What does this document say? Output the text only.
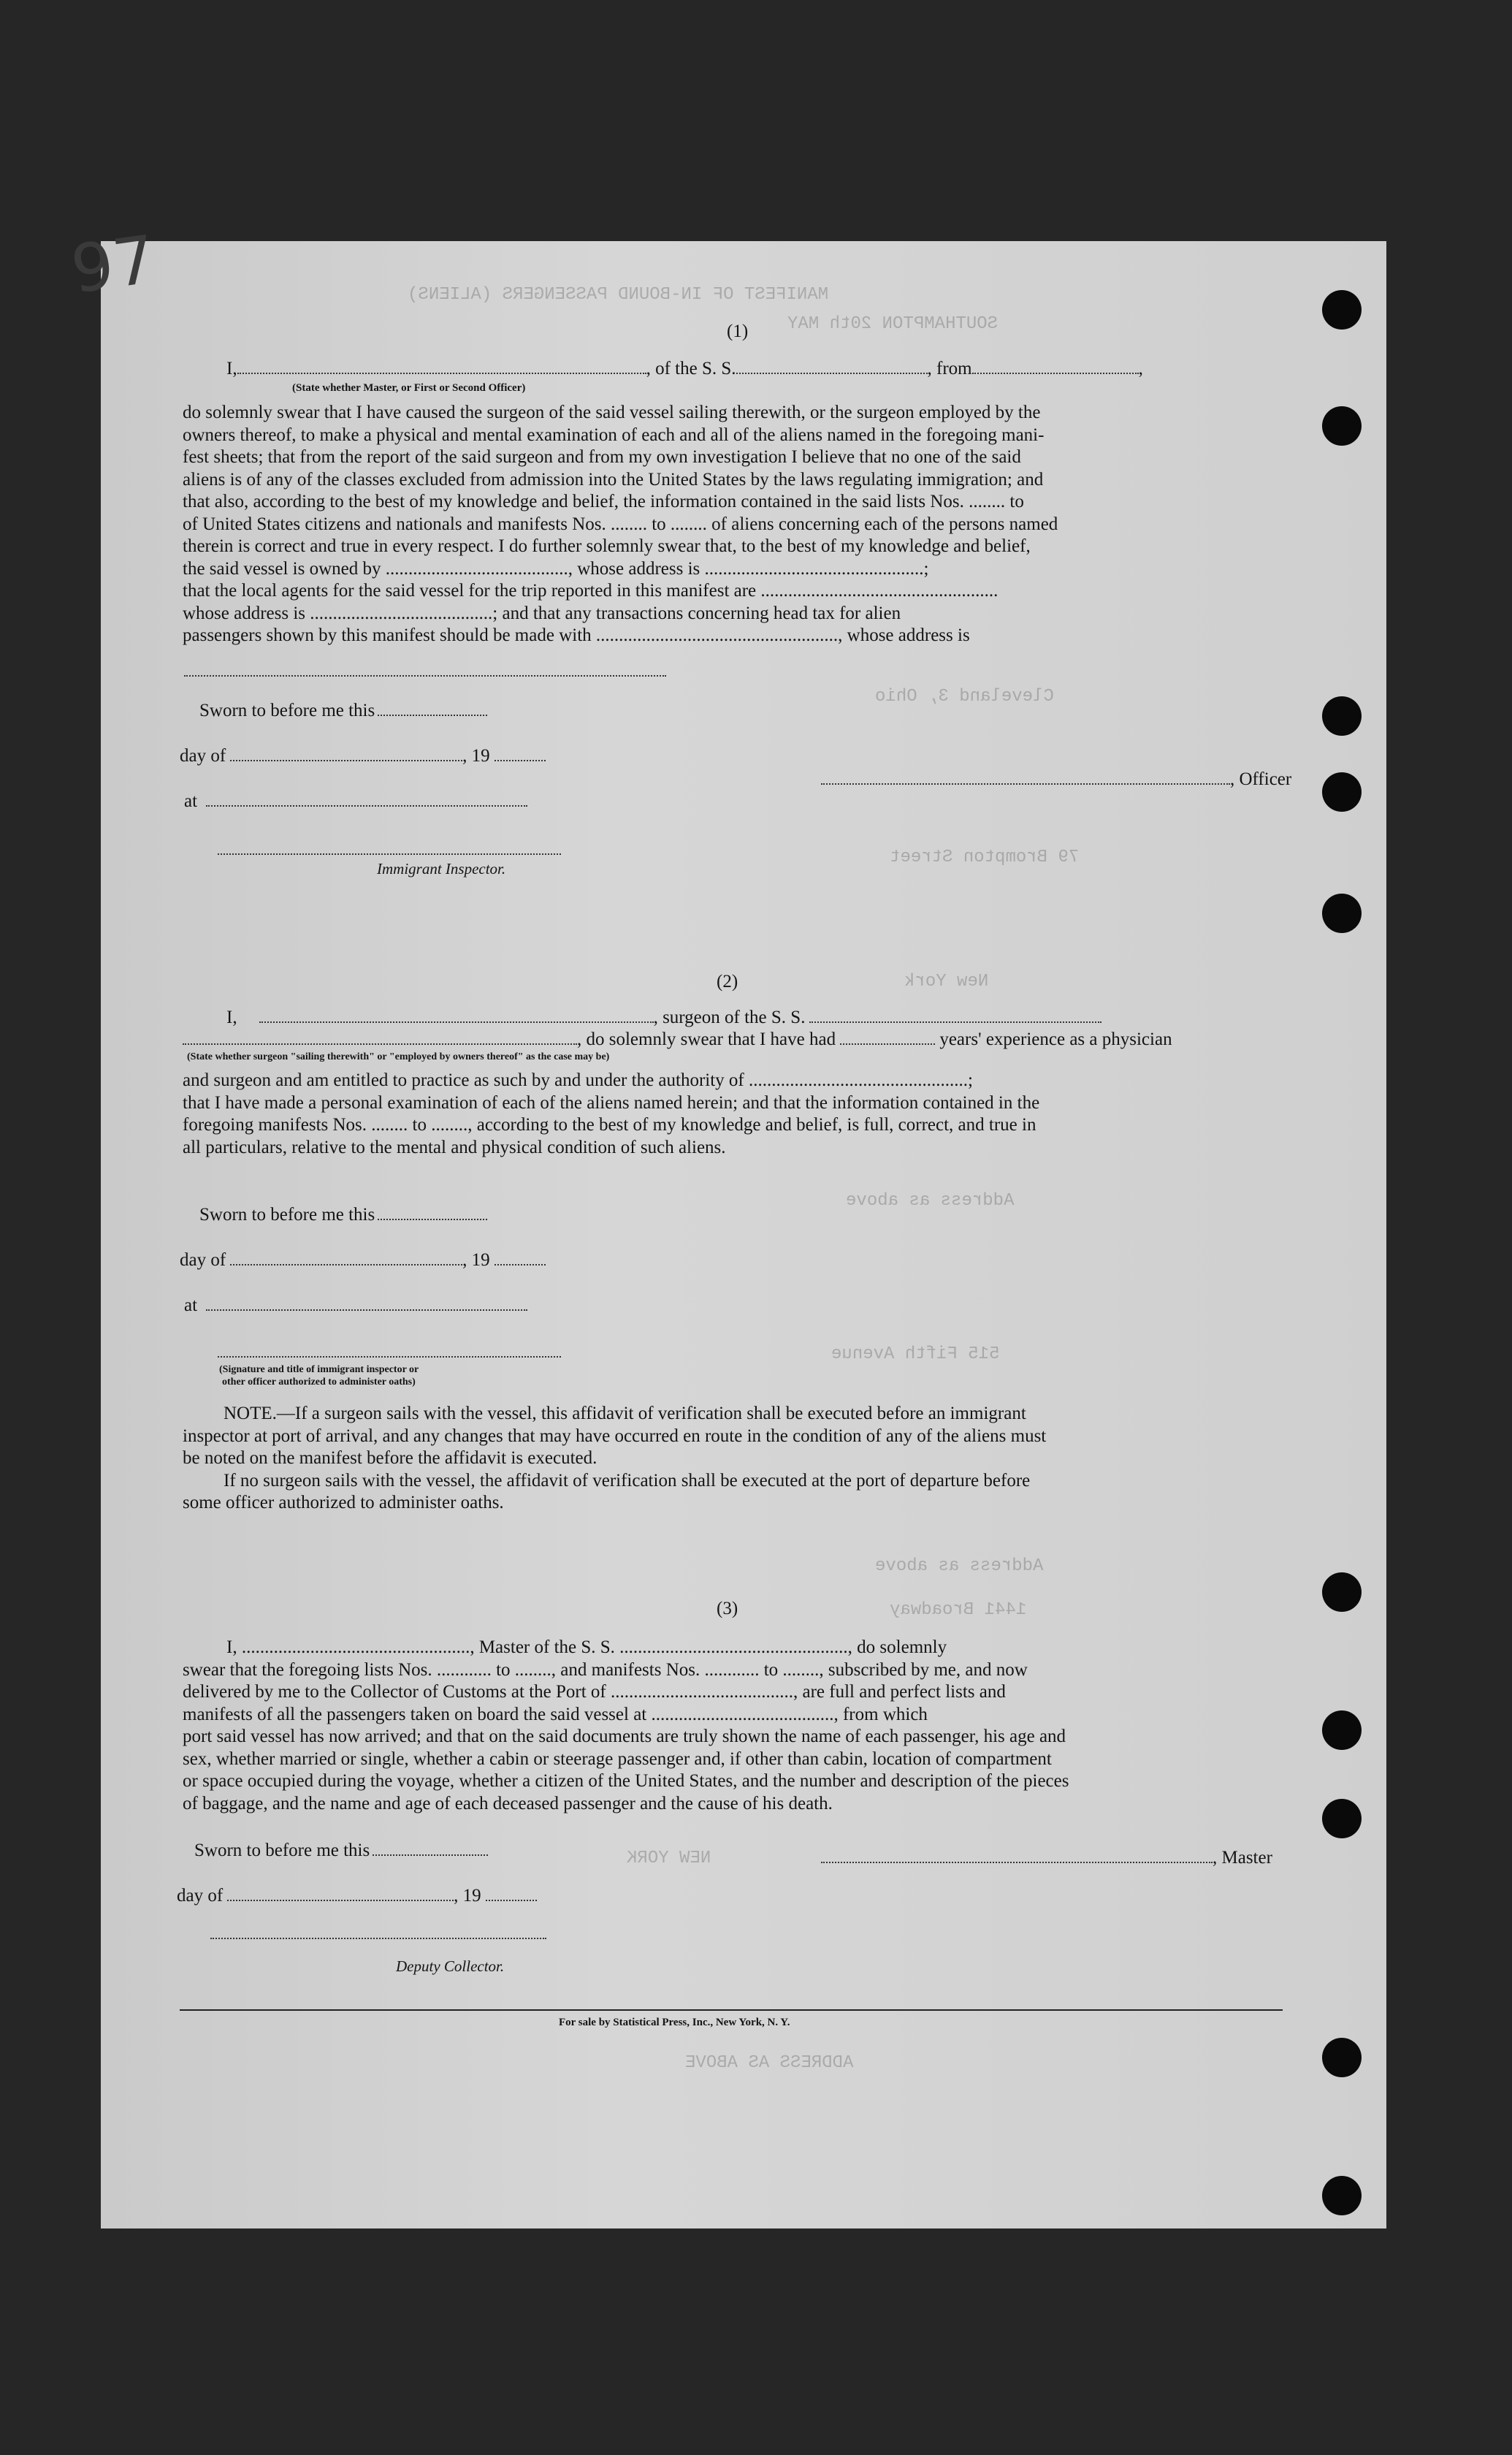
MANIFEST OF IN-BOUND PASSENGERS (ALIENS)
SOUTHAMPTON 20th MAY
Cleveland 3, Ohio
79 Brompton Street
New York
Address as above
515 Fifth Avenue
Address as above
1441 Broadway
NEW YORK
ADDRESS AS ABOVE
97
(1)
I,	, of the S. S.	, from	,
(State whether Master, or First or Second Officer)
do solemnly swear that I have caused the surgeon of the said vessel sailing therewith, or the surgeon employed by the
owners thereof, to make a physical and mental examination of each and all of the aliens named in the foregoing mani-
fest sheets; that from the report of the said surgeon and from my own investigation I believe that no one of the said
aliens is of any of the classes excluded from admission into the United States by the laws regulating immigration; and
that also, according to the best of my knowledge and belief, the information contained in the said lists Nos. ........ to
of United States citizens and nationals and manifests Nos. ........ to ........ of aliens concerning each of the persons named
therein is correct and true in every respect. I do further solemnly swear that, to the best of my knowledge and belief,
the said vessel is owned by ........................................, whose address is ................................................;
that the local agents for the said vessel for the trip reported in this manifest are ....................................................
whose address is ........................................; and that any transactions concerning head tax for alien
passengers shown by this manifest should be made with ....................................................., whose address is
Sworn to before me this
day of	, 19
at
Immigrant Inspector.
, Officer
(2)
I,	, surgeon of the S. S.
, do solemnly swear that I have had	years' experience as a physician
(State whether surgeon "sailing therewith" or "employed by owners thereof" as the case may be)
and surgeon and am entitled to practice as such by and under the authority of ................................................;
that I have made a personal examination of each of the aliens named herein; and that the information contained in the
foregoing manifests Nos. ........ to ........, according to the best of my knowledge and belief, is full, correct, and true in
all particulars, relative to the mental and physical condition of such aliens.
Sworn to before me this
day of	, 19
at
(Signature and title of immigrant inspector or
other officer authorized to administer oaths)
NOTE.—If a surgeon sails with the vessel, this affidavit of verification shall be executed before an immigrant
inspector at port of arrival, and any changes that may have occurred en route in the condition of any of the aliens must
be noted on the manifest before the affidavit is executed.
If no surgeon sails with the vessel, the affidavit of verification shall be executed at the port of departure before
some officer authorized to administer oaths.
(3)
I, .................................................., Master of the S. S. .................................................., do solemnly
swear that the foregoing lists Nos. ............ to ........, and manifests Nos. ............ to ........, subscribed by me, and now
delivered by me to the Collector of Customs at the Port of ........................................, are full and perfect lists and
manifests of all the passengers taken on board the said vessel at ........................................, from which
port said vessel has now arrived; and that on the said documents are truly shown the name of each passenger, his age and
sex, whether married or single, whether a cabin or steerage passenger and, if other than cabin, location of compartment
or space occupied during the voyage, whether a citizen of the United States, and the number and description of the pieces
of baggage, and the name and age of each deceased passenger and the cause of his death.
Sworn to before me this	, Master
day of	, 19
Deputy Collector.
For sale by Statistical Press, Inc., New York, N. Y.
